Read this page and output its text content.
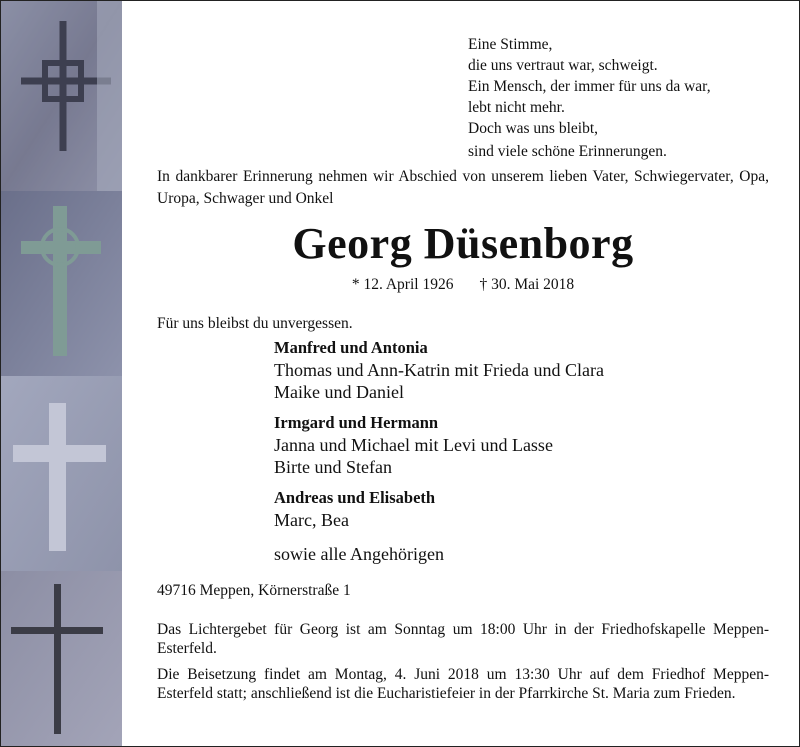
Eine Stimme,
die uns vertraut war, schweigt.
Ein Mensch, der immer für uns da war,
lebt nicht mehr.
Doch was uns bleibt,
sind viele schöne Erinnerungen.
In dankbarer Erinnerung nehmen wir Abschied von unserem lieben Vater, Schwiegervater, Opa, Uropa, Schwager und Onkel
Georg Düsenborg
* 12. April 1926 † 30. Mai 2018
Für uns bleibst du unvergessen.
Manfred und Antonia
Thomas und Ann-Katrin mit Frieda und Clara
Maike und Daniel
Irmgard und Hermann
Janna und Michael mit Levi und Lasse
Birte und Stefan
Andreas und Elisabeth
Marc, Bea
sowie alle Angehörigen
49716 Meppen, Körnerstraße 1
Das Lichtergebet für Georg ist am Sonntag um 18:00 Uhr in der Friedhofskapelle Meppen-Esterfeld.
Die Beisetzung findet am Montag, 4. Juni 2018 um 13:30 Uhr auf dem Friedhof Meppen-Esterfeld statt; anschließend ist die Eucharistiefeier in der Pfarrkirche St. Maria zum Frieden.
